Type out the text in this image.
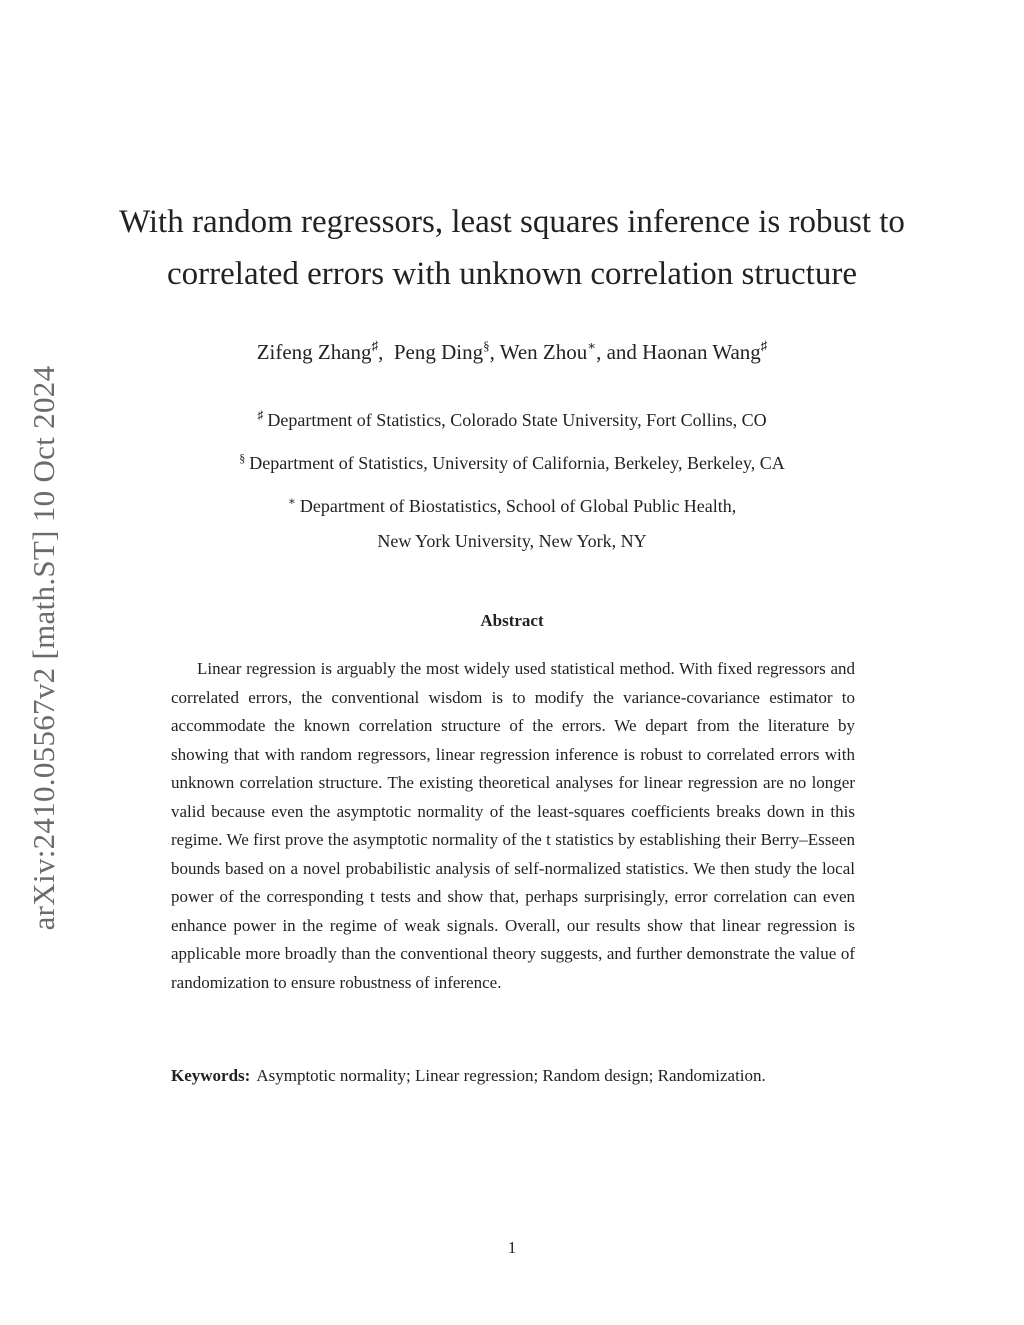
arXiv:2410.05567v2 [math.ST] 10 Oct 2024
With random regressors, least squares inference is robust to correlated errors with unknown correlation structure
Zifeng Zhang♯,  Peng Ding§, Wen Zhou∗, and Haonan Wang♯
♯ Department of Statistics, Colorado State University, Fort Collins, CO
§ Department of Statistics, University of California, Berkeley, Berkeley, CA
∗ Department of Biostatistics, School of Global Public Health,
New York University, New York, NY
Abstract

Linear regression is arguably the most widely used statistical method. With fixed regressors and correlated errors, the conventional wisdom is to modify the variance-covariance estimator to accommodate the known correlation structure of the errors. We depart from the literature by showing that with random regressors, linear regression inference is robust to correlated errors with unknown correlation structure. The existing theoretical analyses for linear regression are no longer valid because even the asymptotic normality of the least-squares coefficients breaks down in this regime. We first prove the asymptotic normality of the t statistics by establishing their Berry–Esseen bounds based on a novel probabilistic analysis of self-normalized statistics. We then study the local power of the corresponding t tests and show that, perhaps surprisingly, error correlation can even enhance power in the regime of weak signals. Overall, our results show that linear regression is applicable more broadly than the conventional theory suggests, and further demonstrate the value of randomization to ensure robustness of inference.

Keywords: Asymptotic normality; Linear regression; Random design; Randomization.

1
